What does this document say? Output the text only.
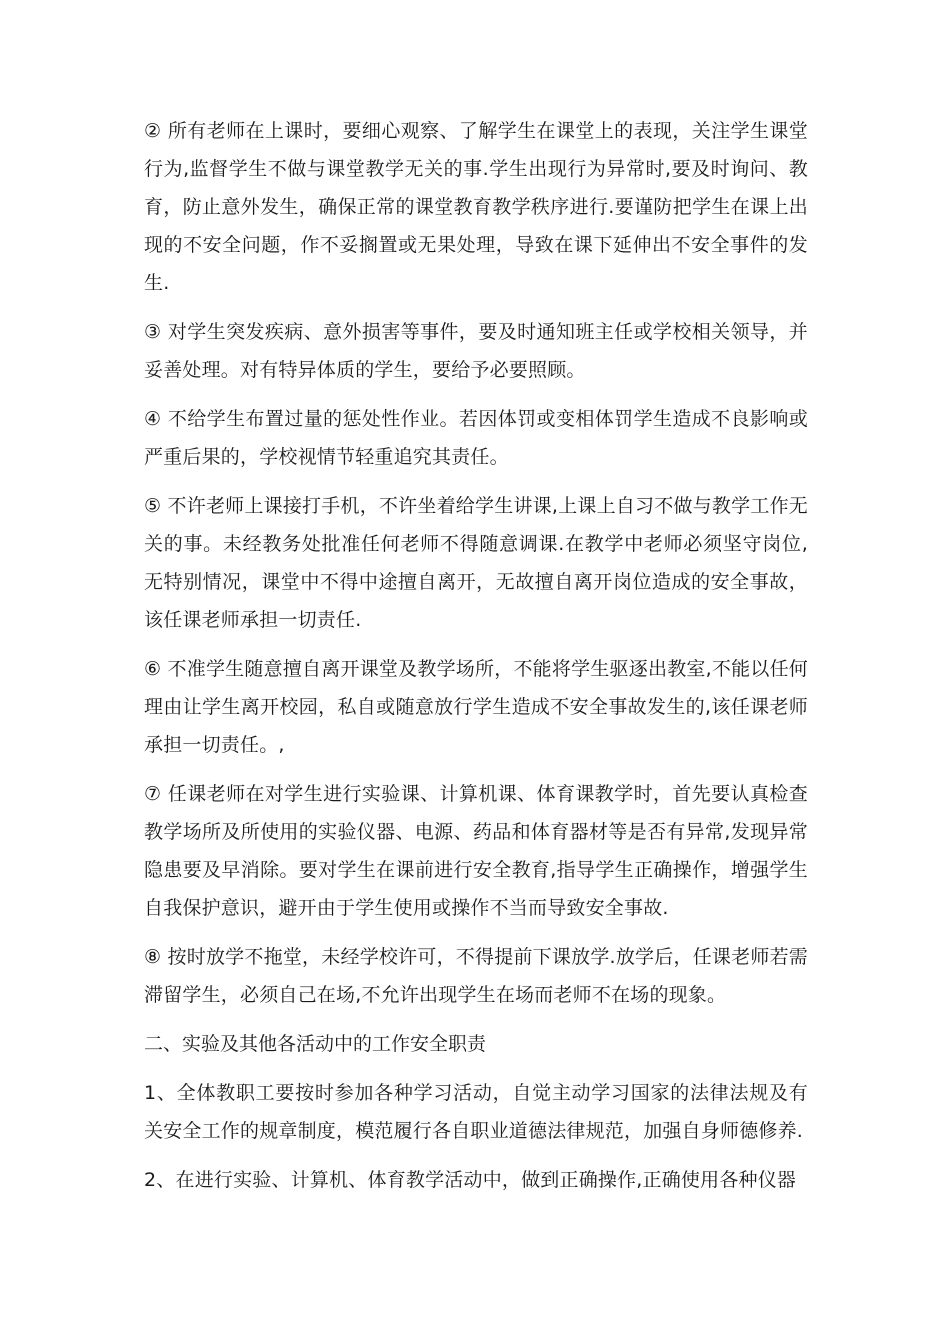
② 所有老师在上课时，要细心观察、了解学生在课堂上的表现，关注学生课堂行为,监督学生不做与课堂教学无关的事.学生出现行为异常时,要及时询问、教育，防止意外发生，确保正常的课堂教育教学秩序进行.要谨防把学生在课上出现的不安全问题，作不妥搁置或无果处理，导致在课下延伸出不安全事件的发生.

③ 对学生突发疾病、意外损害等事件，要及时通知班主任或学校相关领导，并妥善处理。对有特异体质的学生，要给予必要照顾。

④ 不给学生布置过量的惩处性作业。若因体罚或变相体罚学生造成不良影响或严重后果的，学校视情节轻重追究其责任。

⑤ 不许老师上课接打手机，不许坐着给学生讲课,上课上自习不做与教学工作无关的事。未经教务处批准任何老师不得随意调课.在教学中老师必须坚守岗位,无特别情况，课堂中不得中途擅自离开，无故擅自离开岗位造成的安全事故，该任课老师承担一切责任.

⑥ 不准学生随意擅自离开课堂及教学场所，不能将学生驱逐出教室,不能以任何理由让学生离开校园，私自或随意放行学生造成不安全事故发生的,该任课老师承担一切责任。,

⑦ 任课老师在对学生进行实验课、计算机课、体育课教学时，首先要认真检查教学场所及所使用的实验仪器、电源、药品和体育器材等是否有异常,发现异常隐患要及早消除。要对学生在课前进行安全教育,指导学生正确操作，增强学生自我保护意识，避开由于学生使用或操作不当而导致安全事故.

⑧ 按时放学不拖堂，未经学校许可，不得提前下课放学.放学后，任课老师若需滞留学生，必须自己在场,不允许出现学生在场而老师不在场的现象。

二、实验及其他各活动中的工作安全职责

1、全体教职工要按时参加各种学习活动，自觉主动学习国家的法律法规及有关安全工作的规章制度，模范履行各自职业道德法律规范，加强自身师德修养.

2、在进行实验、计算机、体育教学活动中，做到正确操作,正确使用各种仪器
